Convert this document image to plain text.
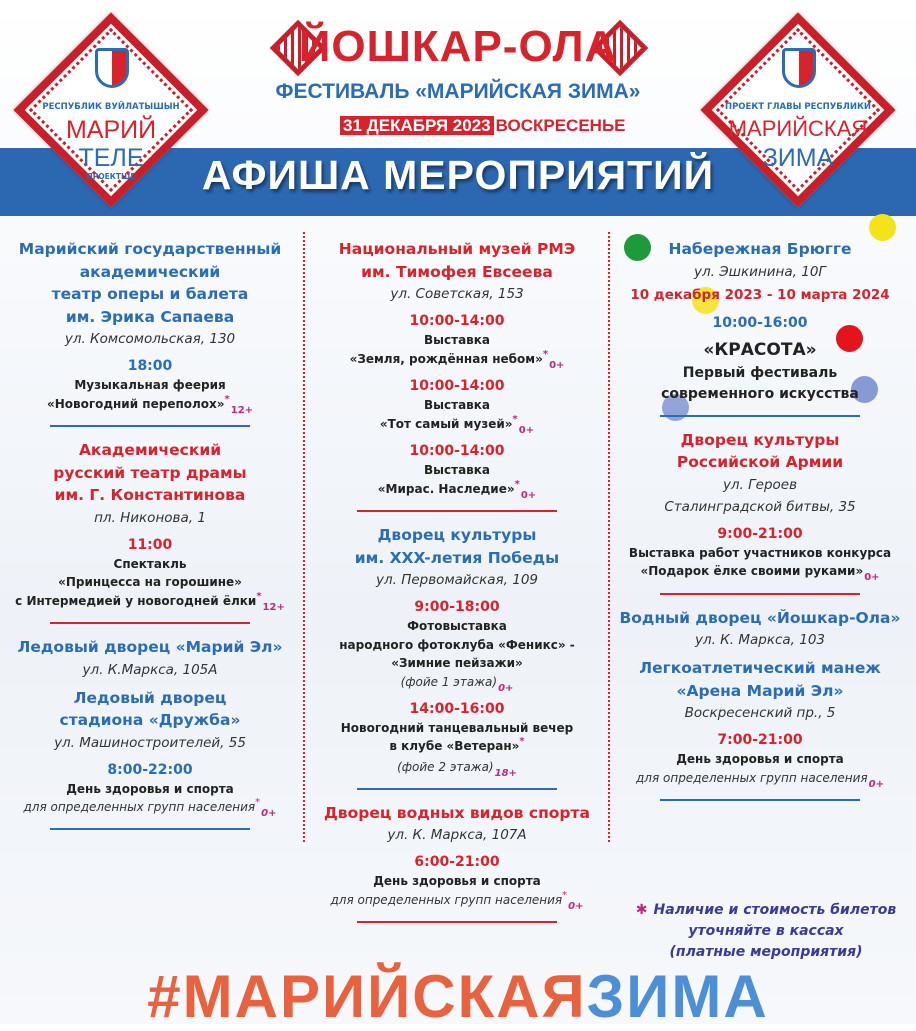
АФИША МЕРОПРИЯТИЙ
ЙОШКАР-ОЛА
ФЕСТИВАЛЬ «МАРИЙСКАЯ ЗИМА»
31 ДЕКАБРЯ 2023 ВОСКРЕСЕНЬЕ
РЕСПУБЛИК ВУЙЛАТЫШЫН
МАРИЙ
ТЕЛЕ
ПРОЕКТШЕ
ПРОЕКТ ГЛАВЫ РЕСПУБЛИКИ
МАРИЙСКАЯ
ЗИМА
Марийский государственный
академический
театр оперы и балета
им. Эрика Сапаева
ул. Комсомольская, 130
18:00
Музыкальная феерия
«Новогодний $переполох»^*_{12+}$
Академический
русский театр драмы
им. Г. Константинова
пл. Никонова, 1
11:00
Спектакль
«Принцесса на горошине»
с Интермедией у новогодней ёлки*$_{12+}$
Ледовый дворец «Марий Эл»
ул. К.Маркса, 105А
Ледовый дворец
стадиона «Дружба»
ул. Машиностроителей, 55
8:00-22:00
День здоровья и спорта
для определенных групп населения*$_{0+}$
Национальный музей РМЭ
им. Тимофея Евсеева
ул. Советская, 153
10:00-14:00
Выставка
«Земля, рождённая $небом»^*_{0+}$
10:00-14:00
Выставка
«Тот самый $музей»^*_{0+}$
10:00-14:00
Выставка
«Мирас. $Наследие»^*_{0+}$
Дворец культуры
им. XXX-летия Победы
ул. Первомайская, 109
9:00-18:00
Фотовыставка
народного фотоклуба «Феникс» -
«Зимние пейзажи»
(фойе 1 $этажа)_{0+}$
14:00-16:00
Новогодний танцевальный вечер
в клубе «Ветеран»*
(фойе 2 $этажа)_{18+}$
Дворец водных видов спорта
ул. К. Маркса, 107А
6:00-21:00
День здоровья и спорта
для определенных групп населения*$_{0+}$
Набережная Брюгге
ул. Эшкинина, 10Г
10 декабря 2023 - 10 марта 2024
10:00-16:00
«КРАСОТА»
Первый фестиваль
современного искусства
Дворец культуры
Российской Армии
ул. Героев
Сталинградской битвы, 35
9:00-21:00
Выставка работ участников конкурса
«Подарок ёлке своими $руками»_{0+}$
Водный дворец «Йошкар-Ола»
ул. К. Маркса, 103
Легкоатлетический манеж
«Арена Марий Эл»
Воскресенский пр., 5
7:00-21:00
День здоровья и спорта
для определенных групп населения$_{0+}$
✱ Наличие и стоимость билетов
уточняйте в кассах
(платные мероприятия)
#МАРИЙСКАЯЗИМА
